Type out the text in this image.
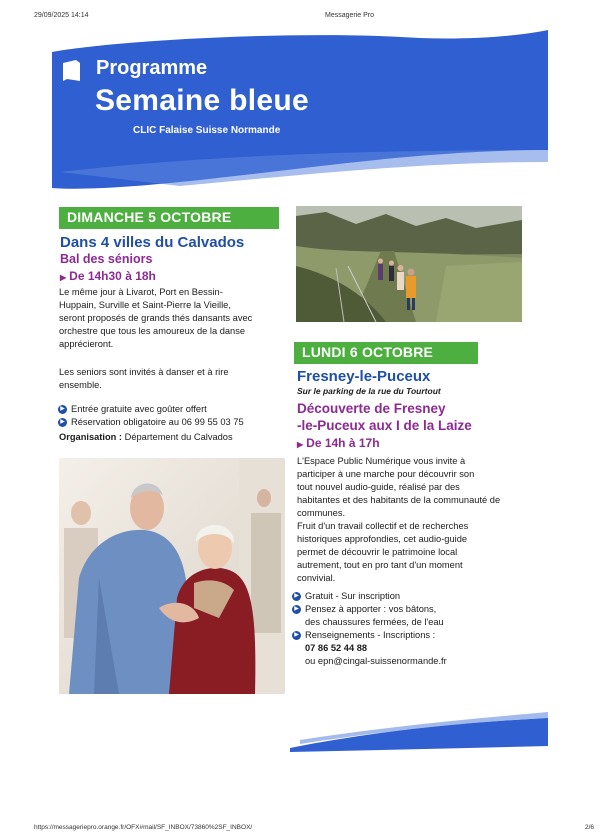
29/09/2025 14:14	Messagerie Pro
Programme
Semaine bleue
CLIC Falaise Suisse Normande
DIMANCHE 5 OCTOBRE
Dans 4 villes du Calvados
Bal des séniors
▶ De 14h30 à 18h
Le même jour à Livarot, Port en Bessin-
Huppain, Surville et Saint-Pierre la Vieille,
seront proposés de grands thés dansants avec
orchestre que tous les amoureux de la danse
apprécieront.
Les seniors sont invités à danser et à rire
ensemble.
▶ Entrée gratuite avec goûter offert
▶ Réservation obligatoire au 06 99 55 03 75
Organisation : Département du Calvados
LUNDI 6 OCTOBRE
Fresney-le-Puceux
Sur le parking de la rue du Tourtout
Découverte de Fresney
-le-Puceux aux I de la Laize
▶ De 14h à 17h
L'Espace Public Numérique vous invite à
participer à une marche pour découvrir son
tout nouvel audio-guide, réalisé par des
habitantes et des habitants de la communauté de communes.
Fruit d'un travail collectif et de recherches
historiques approfondies, cet audio-guide
permet de découvrir le patrimoine local
autrement, tout en pro tant d'un moment
convivial.
▶ Gratuit - Sur inscription
▶ Pensez à apporter : vos bâtons,
des chaussures fermées, de l'eau
▶ Renseignements - Inscriptions :
07 86 52 44 88
ou epn@cingal-suissenormande.fr
https://messageriepro.orange.fr/OFX#mail/SF_INBOX/73860%2SF_INBOX/	2/6
